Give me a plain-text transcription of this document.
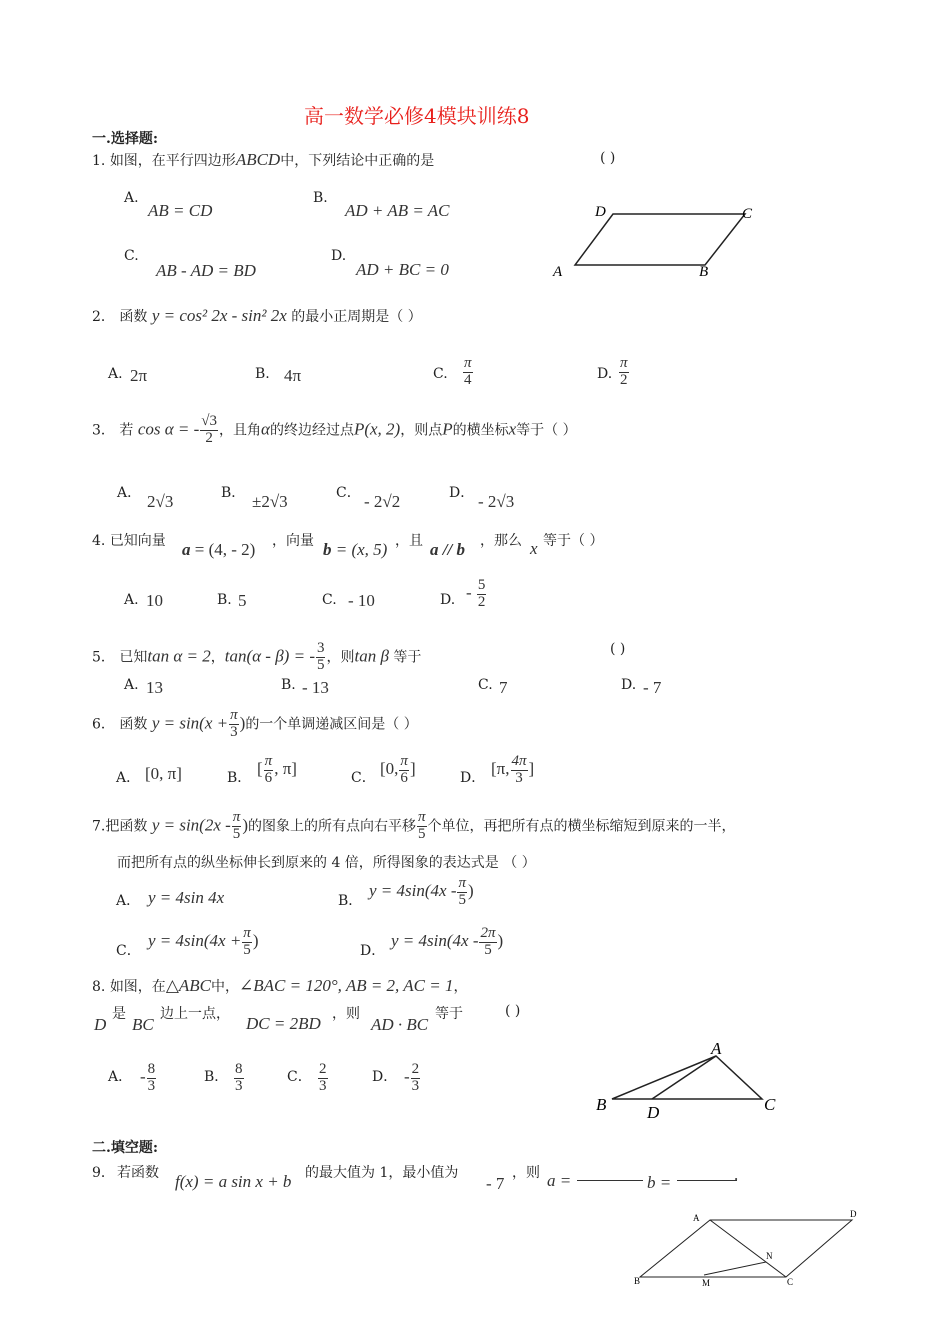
高一数学必修4模块训练8
一.选择题:
1. 如图，在平行四边形ABCD中，下列结论中正确的是	( )
A.
AB = CD
B.
AD + AB = AC
C.
AB - AD = BD
D.
AD + BC = 0
D	C
A	B
2． 函数 y = cos² 2x - sin² 2x 的最小正周期是（ ）
A. 2π	B. 4π	C. $\frac{\pi}{4}$	D. $\frac{\pi}{2}$
3． 若 cos α = - $\frac{√3}{2}$ ，且角α的终边经过点P(x, 2)，则点P的横坐标x等于（ ）
A． 2√3	B． ±2√3	C． - 2√2	D． - 2√3
4. 已知向量 a = (4, - 2) ，向量 b = (x, 5) ，且 a // b ，那么 x 等于（ ）
A. 10	B. 5	C. - 10	D. - $\frac{5}{2}$
5． 已知tan α = 2，tan(α - β) = - $\frac{3}{5}$ ，则tan β 等于
( )
A. 13	B. - 13	C. 7	D. - 7
6． 函数 $y = \sin(x + \frac{\pi}{3}$ )的一个单调递减区间是（ ）
A． [0, π]	B． [ $\frac{\pi}{6}$ , π]	C． [0, $\frac{\pi}{6}$ ]	D． [π, $\frac{4\pi}{3}$ ]
7.把函数 $y = \sin(2x - \frac{\pi}{5}$ )的图象上的所有点向右平移 $\frac{\pi}{5}$ 个单位，再把所有点的横坐标缩短到原来的一半，
而把所有点的纵坐标伸长到原来的 4 倍，所得图象的表达式是 （ ）
A． y = 4sin 4x	B．
$y = 4\sin(4x - \frac{\pi}{5}$ )
C．
$y = 4\sin(4x + \frac{\pi}{5}$ )
D．
$y = 4\sin(4x - \frac{2\pi}{5}$ )
8. 如图，在△ABC中，∠BAC = 120°, AB = 2, AC = 1，
D
是
BC
边上一点， DC = 2BD ，则
AD · BC
等于	( )
A． - $\frac{8}{3}$	B． $\frac{8}{3}$	C． $\frac{2}{3}$	D． - $\frac{2}{3}$
A
B D	C
二.填空题:
9． 若函数 f(x) = a sin x + b 的最大值为 1，最小值为
- 7
，则 a =	b =	.
A	D
B	M	C
N
